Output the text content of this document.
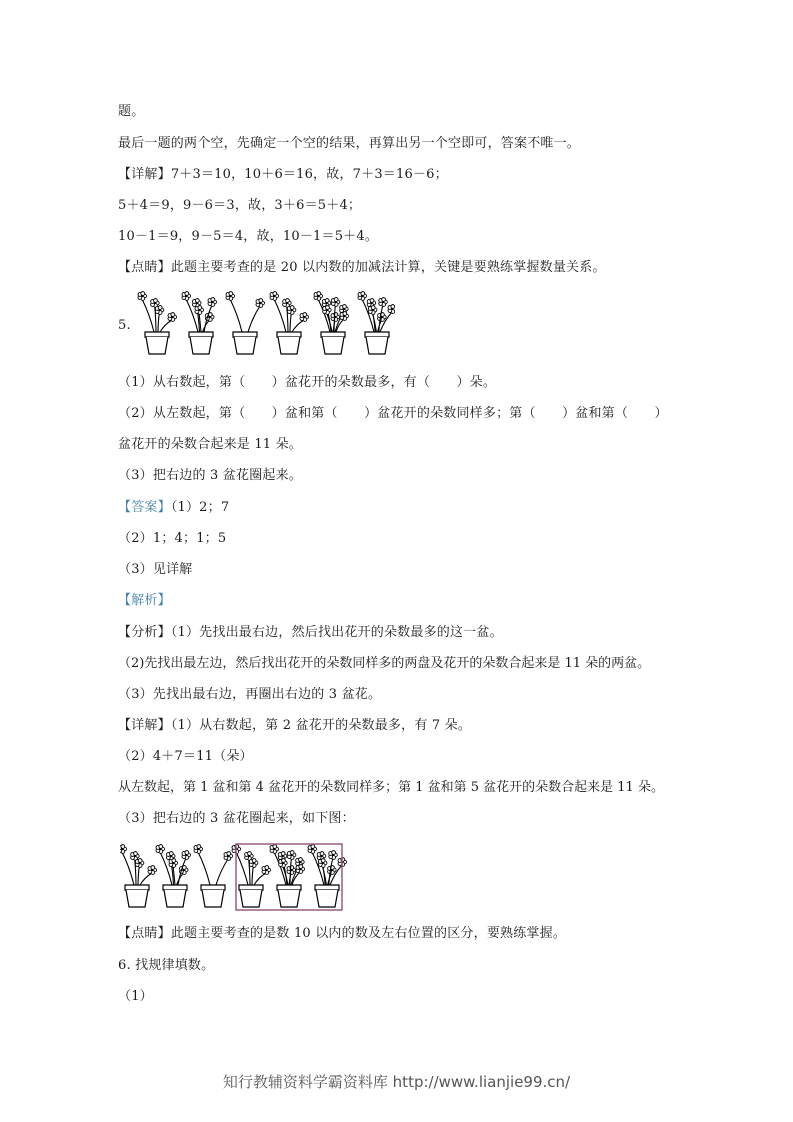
题。
最后一题的两个空，先确定一个空的结果，再算出另一个空即可，答案不唯一。
【详解】7＋3＝10，10＋6＝16，故，7＋3＝16－6；
5＋4＝9，9－6＝3，故，3＋6＝5＋4；
10－1＝9，9－5＝4，故，10－1＝5＋4。
【点睛】此题主要考查的是 20 以内数的加减法计算，关键是要熟练掌握数量关系。
5.
（1）从右数起，第（　　）盆花开的朵数最多，有（　　）朵。
（2）从左数起，第（　　）盆和第（　　）盆花开的朵数同样多；第（　　）盆和第（　　）
盆花开的朵数合起来是 11 朵。
（3）把右边的 3 盆花圈起来。
【答案】（1）2；7
（2）1；4；1；5
（3）见详解
【解析】
【分析】（1）先找出最右边，然后找出花开的朵数最多的这一盆。
（2)先找出最左边，然后找出花开的朵数同样多的两盘及花开的朵数合起来是 11 朵的两盆。
（3）先找出最右边，再圈出右边的 3 盆花。
【详解】（1）从右数起，第 2 盆花开的朵数最多，有 7 朵。
（2）4＋7＝11（朵）
从左数起，第 1 盆和第 4 盆花开的朵数同样多；第 1 盆和第 5 盆花开的朵数合起来是 11 朵。
（3）把右边的 3 盆花圈起来，如下图：
【点睛】此题主要考查的是数 10 以内的数及左右位置的区分，要熟练掌握。
6. 找规律填数。
（1）
知行教辅资料学霸资料库 http://www.lianjie99.cn/
